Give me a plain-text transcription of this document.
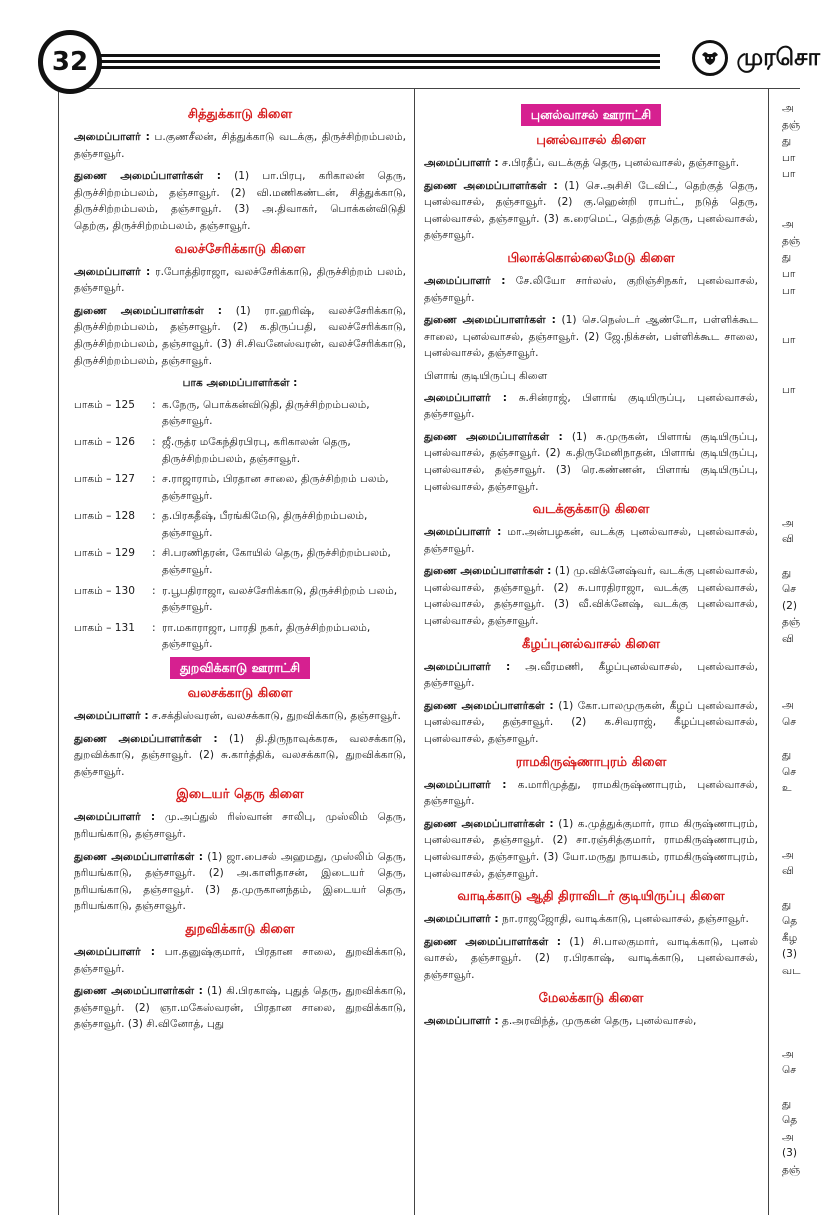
32	முரசொ
சித்துக்காடு கிளை

அமைப்பாளர் : ப.குணசீலன், சித்துக்காடு வடக்கு, திருச்சிற்றம்பலம், தஞ்சாவூர்.

துணை அமைப்பாளர்கள் : (1) பா.பிரபு, கரிகாலன் தெரு, திருச்சிற்றம்பலம், தஞ்சாவூர். (2) வி.மணிகண்டன், சித்துக்காடு, திருச்சிற்றம்பலம், தஞ்சாவூர். (3) அ.திவாகர், பொக்கன்விடுதி தெற்கு, திருச்சிற்றம்பலம், தஞ்சாவூர்.

வலச்சேரிக்காடு கிளை

அமைப்பாளர் : ர.போத்திராஜா, வலச்சேரிக்காடு, திருச்சிற்றம் பலம், தஞ்சாவூர்.

துணை அமைப்பாளர்கள் : (1) ரா.ஹரிஷ், வலச்சேரிக்காடு, திருச்சிற்றம்பலம், தஞ்சாவூர். (2) க.திருப்பதி, வலச்சேரிக்காடு, திருச்சிற்றம்பலம், தஞ்சாவூர். (3) சி.சிவனேஸ்வரன், வலச்சேரிக்காடு, திருச்சிற்றம்பலம், தஞ்சாவூர்.

பாக அமைப்பாளர்கள் :
பாகம் – 125	: க.நேரு, பொக்கன்விடுதி, திருச்சிற்றம்பலம், தஞ்சாவூர்.
பாகம் – 126	: ஜீ.ருத்ர மகேந்திரபிரபு, கரிகாலன் தெரு, திருச்சிற்றம்பலம், தஞ்சாவூர்.
பாகம் – 127	: ச.ராஜாராம், பிரதான சாலை, திருச்சிற்றம் பலம், தஞ்சாவூர்.
பாகம் – 128	: த.பிரகதீஷ், பீரங்கிமேடு, திருச்சிற்றம்பலம், தஞ்சாவூர்.
பாகம் – 129	: சி.பரணிதரன், கோயில் தெரு, திருச்சிற்றம்பலம், தஞ்சாவூர்.
பாகம் – 130	: ர.பூபதிராஜா, வலச்சேரிக்காடு, திருச்சிற்றம் பலம், தஞ்சாவூர்.
பாகம் – 131	: ரா.மகாராஜா, பாரதி நகர், திருச்சிற்றம்பலம், தஞ்சாவூர்.
துறவிக்காடு ஊராட்சி
வலசக்காடு கிளை

அமைப்பாளர் : ச.சக்திஸ்வரன், வலசக்காடு, துறவிக்காடு, தஞ்சாவூர்.

துணை அமைப்பாளர்கள் : (1) தி.திருநாவுக்கரசு, வலசக்காடு, துறவிக்காடு, தஞ்சாவூர். (2) சு.கார்த்திக், வலசக்காடு, துறவிக்காடு, தஞ்சாவூர்.

இடையர் தெரு கிளை

அமைப்பாளர் : மு.அப்துல் ரிஸ்வான் சாலிபு, முஸ்லிம் தெரு, நரியங்காடு, தஞ்சாவூர்.

துணை அமைப்பாளர்கள் : (1) ஜா.பைசல் அஹமது, முஸ்லிம் தெரு, நரியங்காடு, தஞ்சாவூர். (2) அ.காளிதாசன், இடையர் தெரு, நரியங்காடு, தஞ்சாவூர். (3) த.முருகானந்தம், இடையர் தெரு, நரியங்காடு, தஞ்சாவூர்.

துறவிக்காடு கிளை

அமைப்பாளர் : பா.தனுஷ்குமார், பிரதான சாலை, துறவிக்காடு, தஞ்சாவூர்.

துணை அமைப்பாளர்கள் : (1) கி.பிரகாஷ், புதுத் தெரு, துறவிக்காடு, தஞ்சாவூர். (2) ஞா.மகேஸ்வரன், பிரதான சாலை, துறவிக்காடு, தஞ்சாவூர். (3) சி.வினோத், புது

புனல்வாசல் ஊராட்சி
புனல்வாசல் கிளை

அமைப்பாளர் : ச.பிரதீப், வடக்குத் தெரு, புனல்வாசல், தஞ்சாவூர்.

துணை அமைப்பாளர்கள் : (1) செ.அசிசி டேவிட், தெற்குத் தெரு, புனல்வாசல், தஞ்சாவூர். (2) கு.ஹென்றி ராபர்ட், நடுத் தெரு, புனல்வாசல், தஞ்சாவூர். (3) க.ரைமெட், தெற்குத் தெரு, புனல்வாசல், தஞ்சாவூர்.

பிலாக்கொல்லைமேடு கிளை

அமைப்பாளர் : சே.லியோ சார்லஸ், குறிஞ்சிநகர், புனல்வாசல், தஞ்சாவூர்.

துணை அமைப்பாளர்கள் : (1) செ.நெஸ்டர் ஆண்டோ, பள்ளிக்கூட சாலை, புனல்வாசல், தஞ்சாவூர். (2) ஜே.நிக்சன், பள்ளிக்கூட சாலை, புனல்வாசல், தஞ்சாவூர்.

பிளாங் குடியிருப்பு கிளை

அமைப்பாளர் : சு.சின்ராஜ், பிளாங் குடியிருப்பு, புனல்வாசல், தஞ்சாவூர்.

துணை அமைப்பாளர்கள் : (1) சு.முருகன், பிளாங் குடியிருப்பு, புனல்வாசல், தஞ்சாவூர். (2) க.திருமேனிநாதன், பிளாங் குடியிருப்பு, புனல்வாசல், தஞ்சாவூர். (3) ரெ.கண்ணன், பிளாங் குடியிருப்பு, புனல்வாசல், தஞ்சாவூர்.

வடக்குக்காடு கிளை

அமைப்பாளர் : மா.அன்பழகன், வடக்கு புனல்வாசல், புனல்வாசல், தஞ்சாவூர்.

துணை அமைப்பாளர்கள் : (1) மு.விக்னேஷ்வர், வடக்கு புனல்வாசல், புனல்வாசல், தஞ்சாவூர். (2) சு.பாரதிராஜா, வடக்கு புனல்வாசல், புனல்வாசல், தஞ்சாவூர். (3) வீ.விக்னேஷ், வடக்கு புனல்வாசல், புனல்வாசல், தஞ்சாவூர்.

கீழப்புனல்வாசல் கிளை

அமைப்பாளர் : அ.வீரமணி, கீழப்புனல்வாசல், புனல்வாசல், தஞ்சாவூர்.

துணை அமைப்பாளர்கள் : (1) கோ.பாலமுருகன், கீழப் புனல்வாசல், புனல்வாசல், தஞ்சாவூர். (2) க.சிவராஜ், கீழப்புனல்வாசல், புனல்வாசல், தஞ்சாவூர்.

ராமகிருஷ்ணாபுரம் கிளை

அமைப்பாளர் : க.மாரிமுத்து, ராமகிருஷ்ணாபுரம், புனல்வாசல், தஞ்சாவூர்.

துணை அமைப்பாளர்கள் : (1) க.முத்துக்குமார், ராம கிருஷ்ணாபுரம், புனல்வாசல், தஞ்சாவூர். (2) சா.ரஞ்சித்குமார், ராமகிருஷ்ணாபுரம், புனல்வாசல், தஞ்சாவூர். (3) யோ.மருது நாயகம், ராமகிருஷ்ணாபுரம், புனல்வாசல், தஞ்சாவூர்.

வாடிக்காடு ஆதி திராவிடர் குடியிருப்பு கிளை

அமைப்பாளர் : நா.ராஜஜோதி, வாடிக்காடு, புனல்வாசல், தஞ்சாவூர்.

துணை அமைப்பாளர்கள் : (1) சி.பாலகுமார், வாடிக்காடு, புனல் வாசல், தஞ்சாவூர். (2) ர.பிரகாஷ், வாடிக்காடு, புனல்வாசல், தஞ்சாவூர்.

மேலக்காடு கிளை

அமைப்பாளர் : த.அரவிந்த், முருகன் தெரு, புனல்வாசல்,

அ
தஞ்
து
பா
பா
அ
தஞ்
து
பா
பா
பா
பா
அ
வி
து
செ
(2)
தஞ்
வி
அ
செ
து
செ
உ
அ
வி
து
தெ
கீழ
(3)
வட
அ
செ
து
தெ
அ
(3)
தஞ்
